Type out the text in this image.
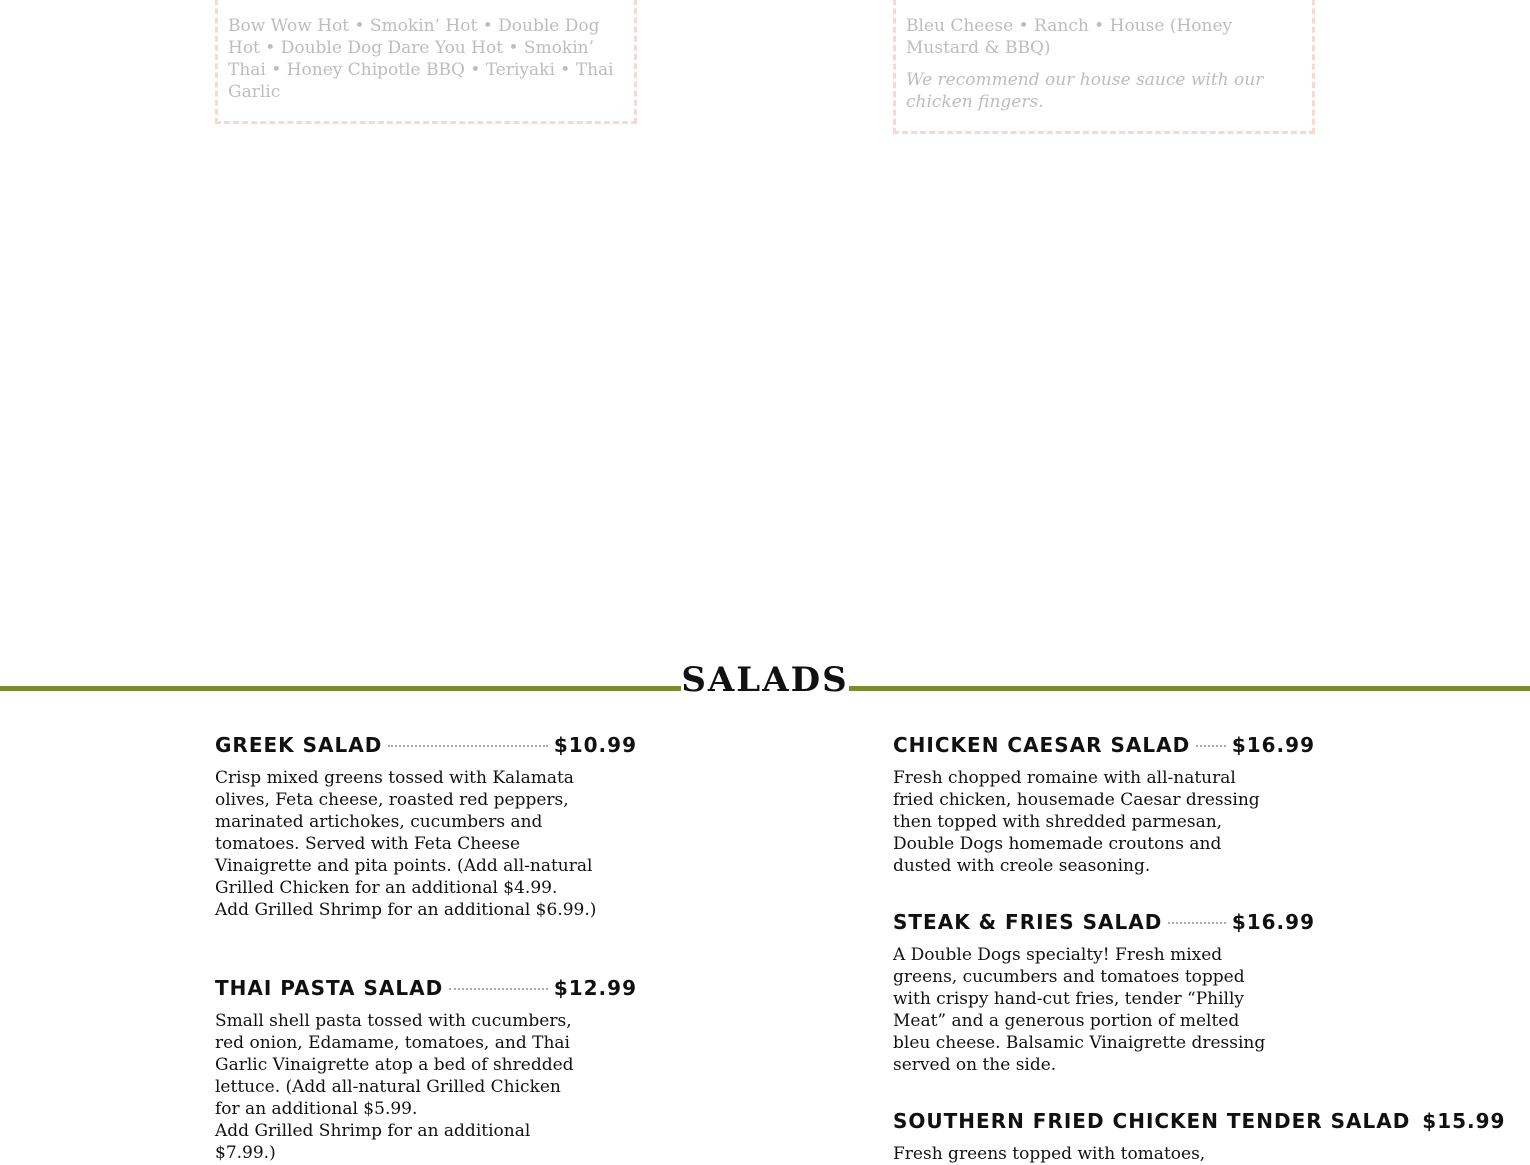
Bow Wow Hot • Smokin’ Hot • Double Dog Hot • Double Dog Dare You Hot • Smokin’ Thai • Honey Chipotle BBQ • Teriyaki • Thai Garlic
Bleu Cheese • Ranch • House (Honey Mustard & BBQ)
We recommend our house sauce with our chicken fingers.
SALADS
GREEK SALAD	$10.99
Crisp mixed greens tossed with Kalamata olives, Feta cheese, roasted red peppers, marinated artichokes, cucumbers and tomatoes. Served with Feta Cheese Vinaigrette and pita points. (Add all-natural Grilled Chicken for an additional $4.99.
Add Grilled Shrimp for an additional $6.99.)
THAI PASTA SALAD	$12.99
Small shell pasta tossed with cucumbers, red onion, Edamame, tomatoes, and Thai Garlic Vinaigrette atop a bed of shredded lettuce. (Add all-natural Grilled Chicken for an additional $5.99.
Add Grilled Shrimp for an additional $7.99.)
CHICKEN CAESAR SALAD $16.99
Fresh chopped romaine with all-natural fried chicken, housemade Caesar dressing then topped with shredded parmesan, Double Dogs homemade croutons and dusted with creole seasoning.
STEAK & FRIES SALAD	$16.99
A Double Dogs specialty! Fresh mixed greens, cucumbers and tomatoes topped with crispy hand-cut fries, tender “Philly Meat” and a generous portion of melted bleu cheese. Balsamic Vinaigrette dressing served on the side.
SOUTHERN FRIED CHICKEN TENDER SALAD $15.99
Fresh greens topped with tomatoes,
